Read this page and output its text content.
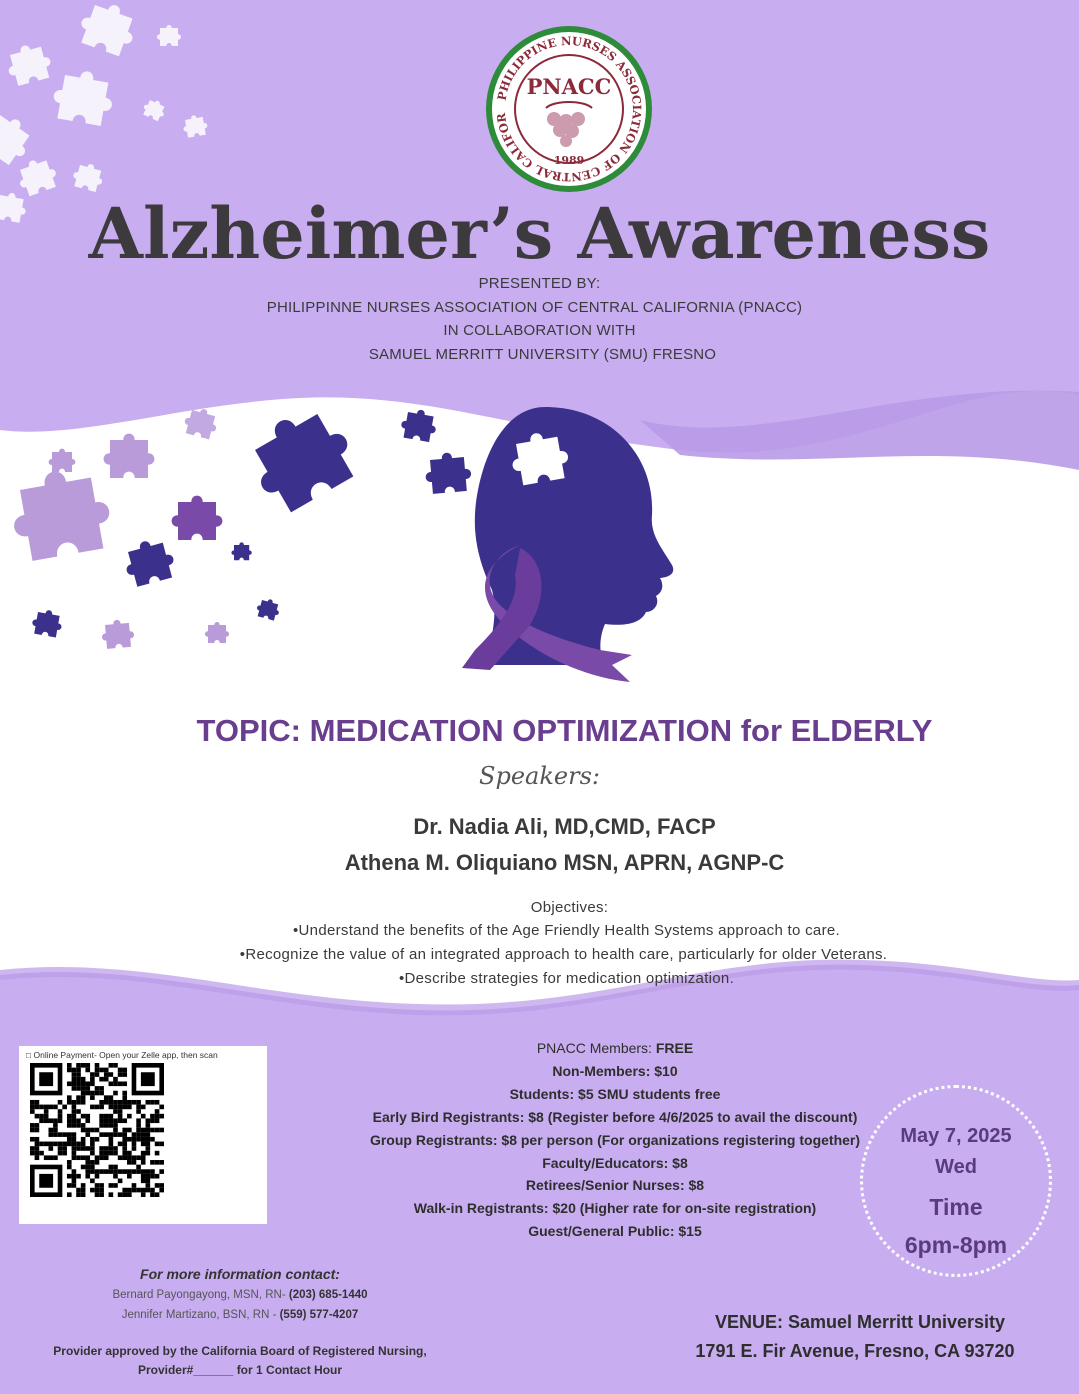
PHILIPPINE NURSES ASSOCIATION OF CENTRAL CALIFOR
PNACC
1989
Alzheimer’s Awareness
PRESENTED BY:
PHILIPPINNE NURSES ASSOCIATION OF CENTRAL CALIFORNIA (PNACC)
IN COLLABORATION WITH
SAMUEL MERRITT UNIVERSITY (SMU) FRESNO
TOPIC: MEDICATION OPTIMIZATION for ELDERLY
Speakers:
Dr. Nadia Ali, MD,CMD, FACP
Athena M. Oliquiano MSN, APRN, AGNP-C
Objectives:
•Understand the benefits of the Age Friendly Health Systems approach to care.
•Recognize the value of an integrated approach to health care, particularly for older Veterans.
•Describe strategies for medication optimization.
□ Online Payment- Open your Zelle app, then scan	PNACC Members: FREE
Non-Members: $10
Students: $5 SMU students free
Early Bird Registrants: $8 (Register before 4/6/2025 to avail the discount)
Group Registrants: $8 per person (For organizations registering together)
Faculty/Educators: $8
Retirees/Senior Nurses: $8
Walk-in Registrants: $20 (Higher rate for on-site registration)
Guest/General Public: $15
May 7, 2025
Wed
Time
6pm-8pm
For more information contact:
Bernard Payongayong, MSN, RN- (203) 685-1440
Jennifer Martizano, BSN, RN - (559) 577-4207
Provider approved by the California Board of Registered Nursing,
Provider#______ for 1 Contact Hour
VENUE: Samuel Merritt University
1791 E. Fir Avenue, Fresno, CA 93720
